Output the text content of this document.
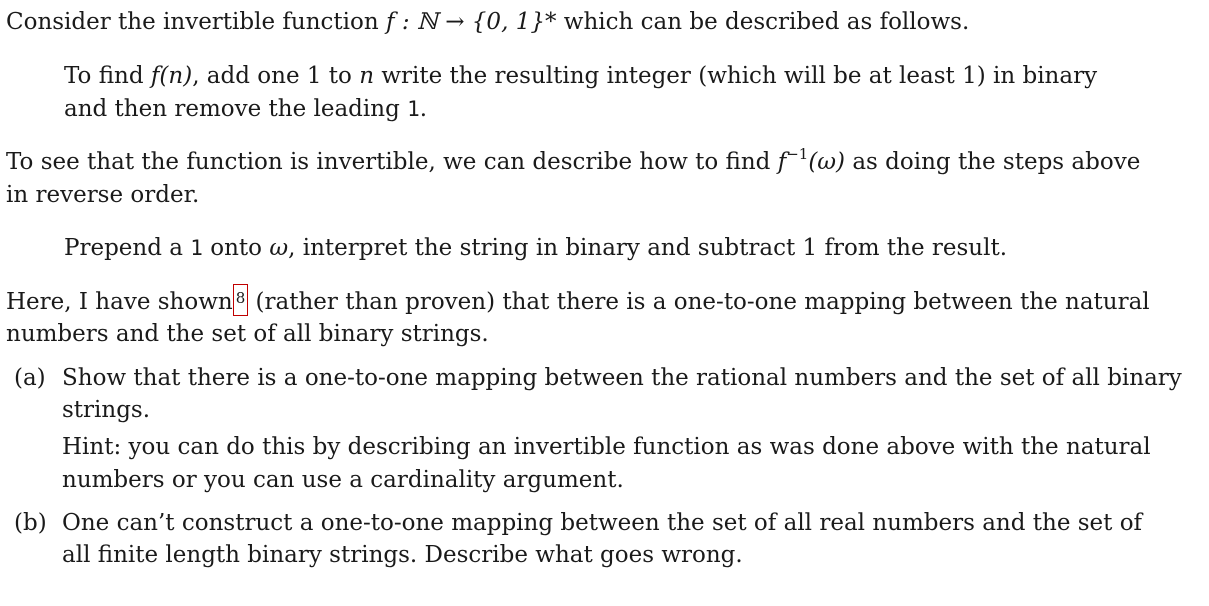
Consider the invertible function f : ℕ → {0, 1}* which can be described as follows.
To find f(n), add one 1 to n write the resulting integer (which will be at least 1) in binary
and then remove the leading 1.
To see that the function is invertible, we can describe how to find $f^{-1}(\omega)$ as doing the steps above
in reverse order.
Prepend a 1 onto ω, interpret the string in binary and subtract 1 from the result.
Here, I have shown 8 (rather than proven) that there is a one-to-one mapping between the natural
numbers and the set of all binary strings.
(a) Show that there is a one-to-one mapping between the rational numbers and the set of all binary
strings.
Hint: you can do this by describing an invertible function as was done above with the natural
numbers or you can use a cardinality argument.
(b) One can’t construct a one-to-one mapping between the set of all real numbers and the set of
all finite length binary strings. Describe what goes wrong.
